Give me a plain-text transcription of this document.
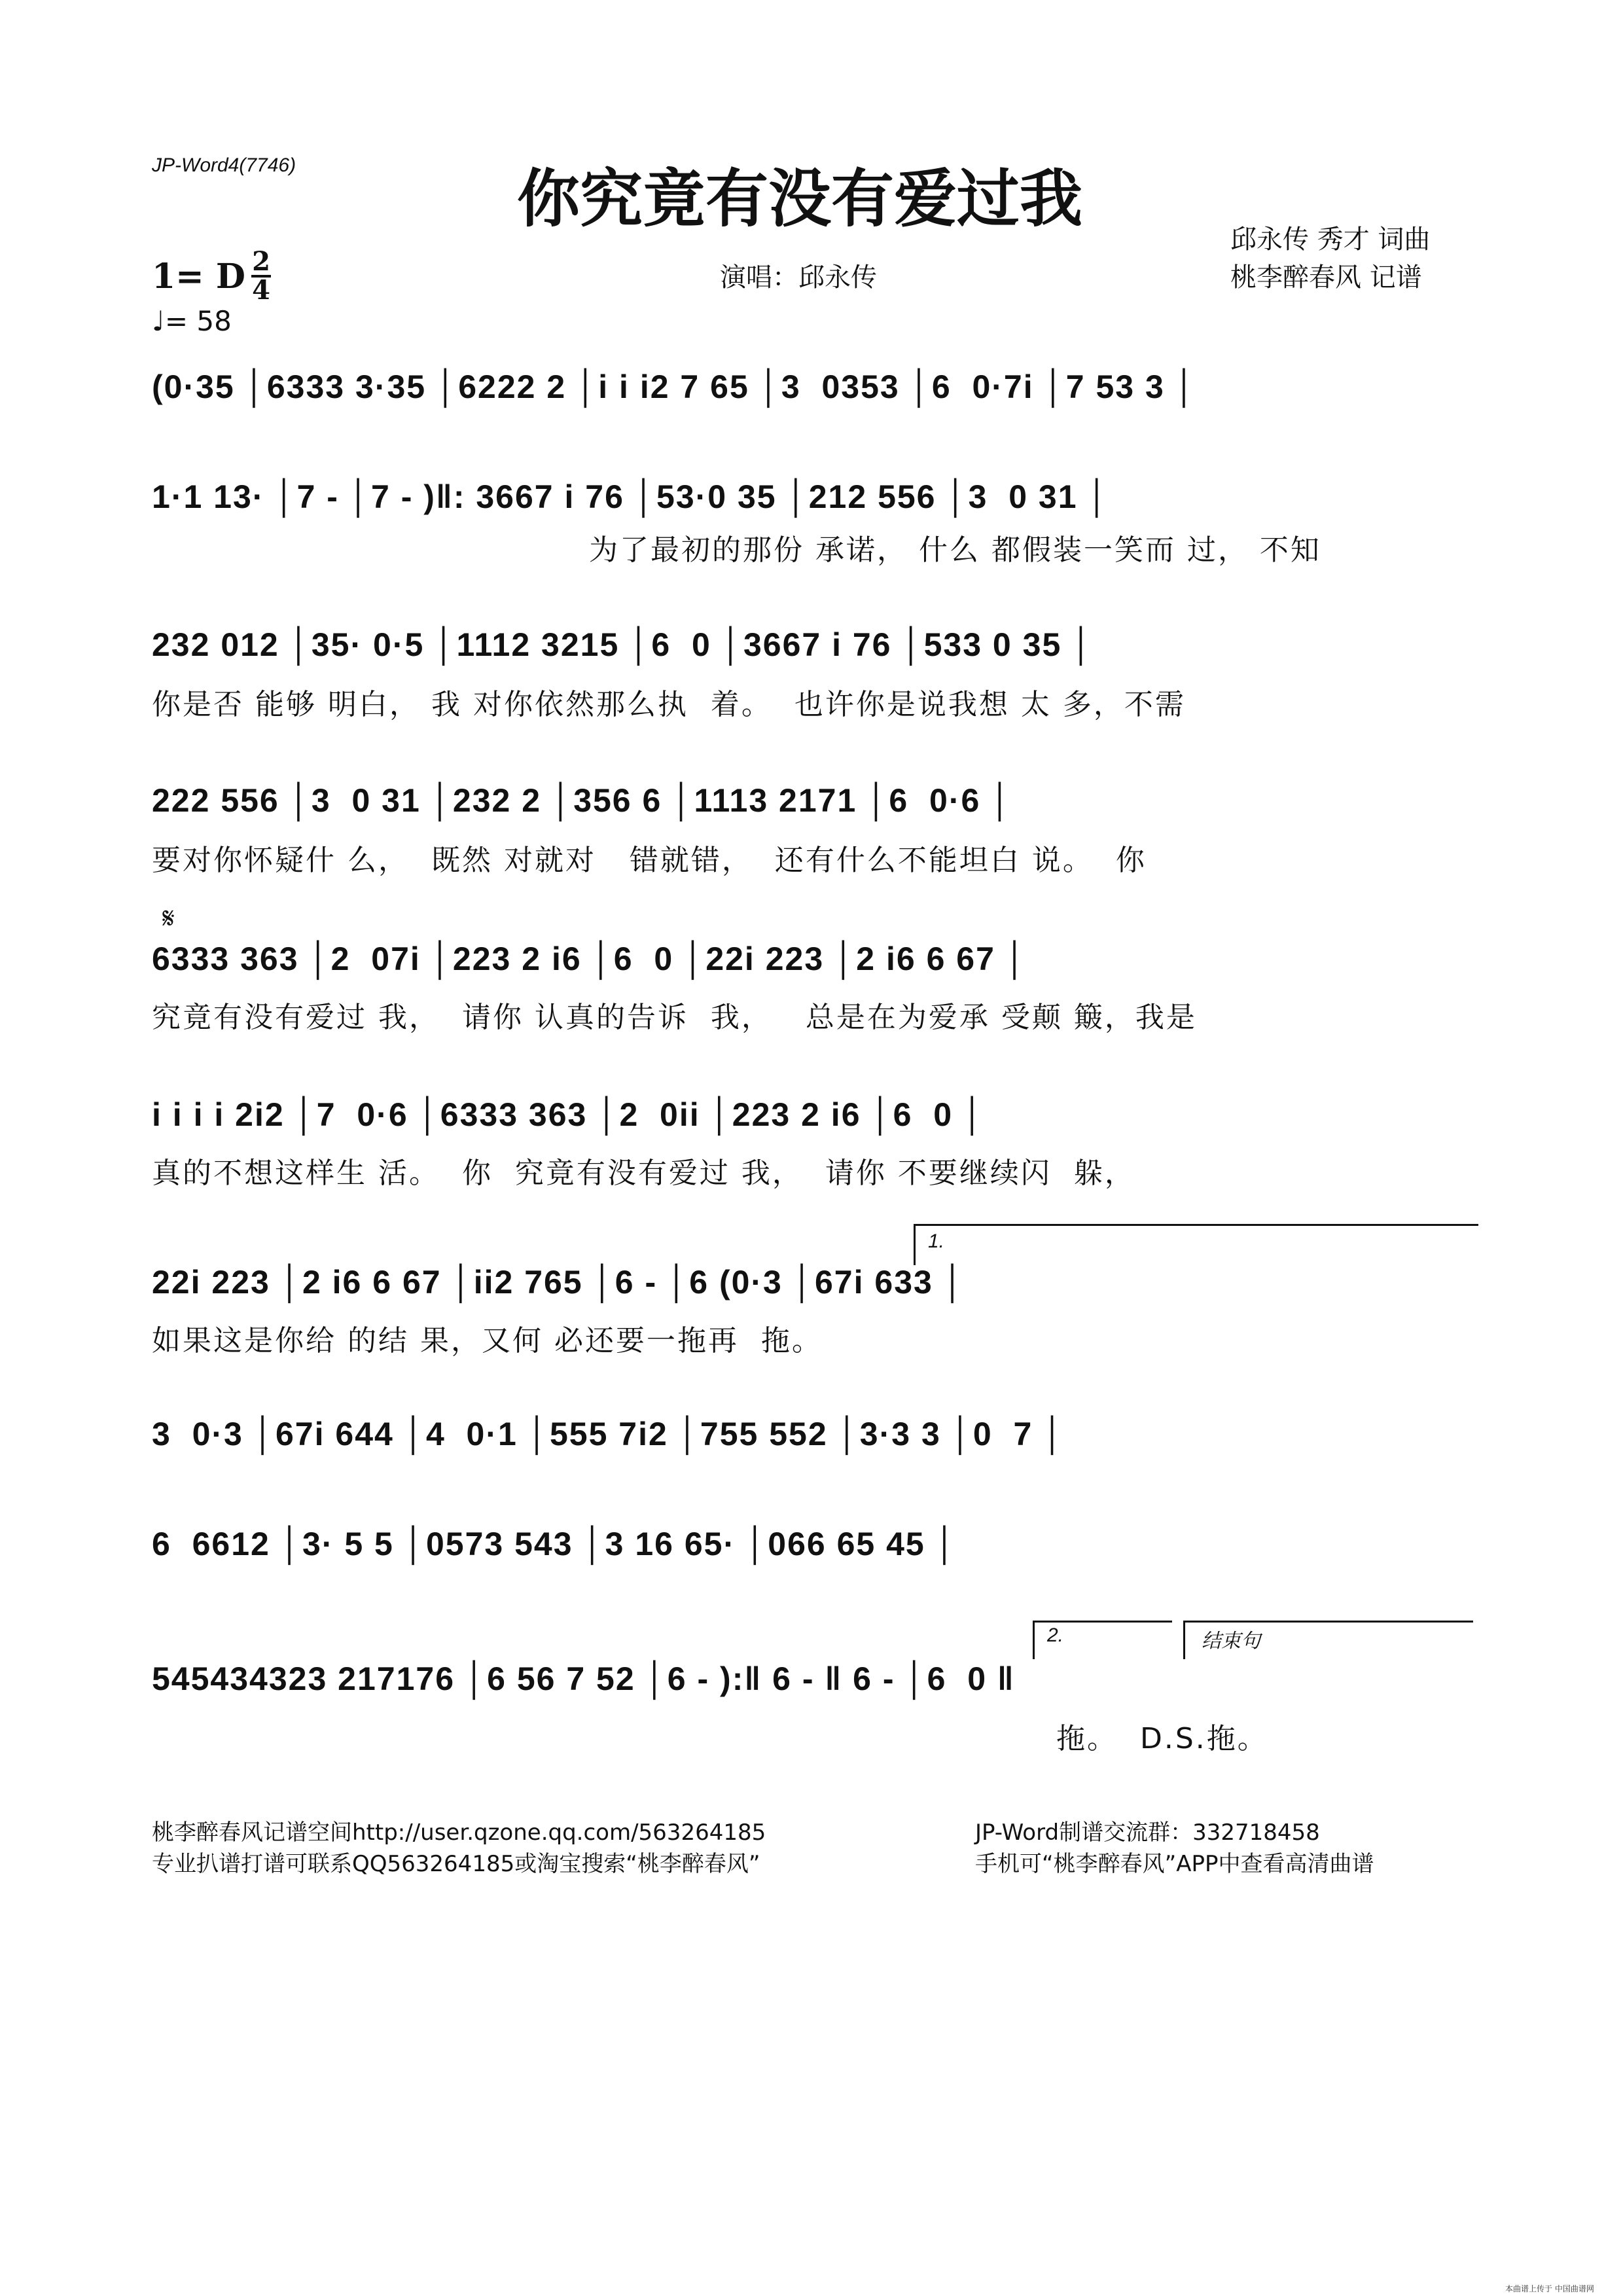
JP-Word4(7746)	你究竟有没有爱过我
邱永传 秀才 词曲
桃李醉春风 记谱
演唱：邱永传
1= D 2
4
♩= 58
(0·35 │6333 3·35 │6222 2 │i i i2 7 65 │3  0353 │6  0·7i │7 53 3 │
1·1 13· │7 - │7 - )‖: 3667 i 76 │53·0 35 │212 556 │3  0 31 │
为了最初的那份 承诺， 什么 都假装一笑而 过， 不知
232 012 │35· 0·5 │1112 3215 │6  0 │3667 i 76 │533 0 35 │
你是否 能够 明白， 我 对你依然那么执  着。  也许你是说我想 太 多，不需
222 556 │3  0 31 │232 2 │356 6 │1113 2171 │6  0·6 │
要对你怀疑什 么，  既然 对就对   错就错，  还有什么不能坦白 说。  你
𝄋
6333 363 │2  07i │223 2 i6 │6  0 │22i 223 │2 i6 6 67 │
究竟有没有爱过 我，  请你 认真的告诉  我，   总是在为爱承 受颠 簸，我是
i i i i 2i2 │7  0·6 │6333 363 │2  0ii │223 2 i6 │6  0 │
真的不想这样生 活。  你  究竟有没有爱过 我，  请你 不要继续闪  躲，
1.
22i 223 │2 i6 6 67 │ii2 765 │6 - │6 (0·3 │67i 633 │
如果这是你给 的结 果，又何 必还要一拖再  拖。
3  0·3 │67i 644 │4  0·1 │555 7i2 │755 552 │3·3 3 │0  7 │
6  6612 │3· 5 5 │0573 543 │3 16 65· │066 65 45 │
2.	结束句
545434323 217176 │6 56 7 52 │6 - ):‖ 6 - ‖ 6 - │6  0 ‖
拖。  D.S.拖。
桃李醉春风记谱空间http://user.qzone.qq.com/563264185
专业扒谱打谱可联系QQ563264185或淘宝搜索“桃李醉春风”
JP-Word制谱交流群：332718458
手机可“桃李醉春风”APP中查看高清曲谱
本曲谱上传于 中国曲谱网
